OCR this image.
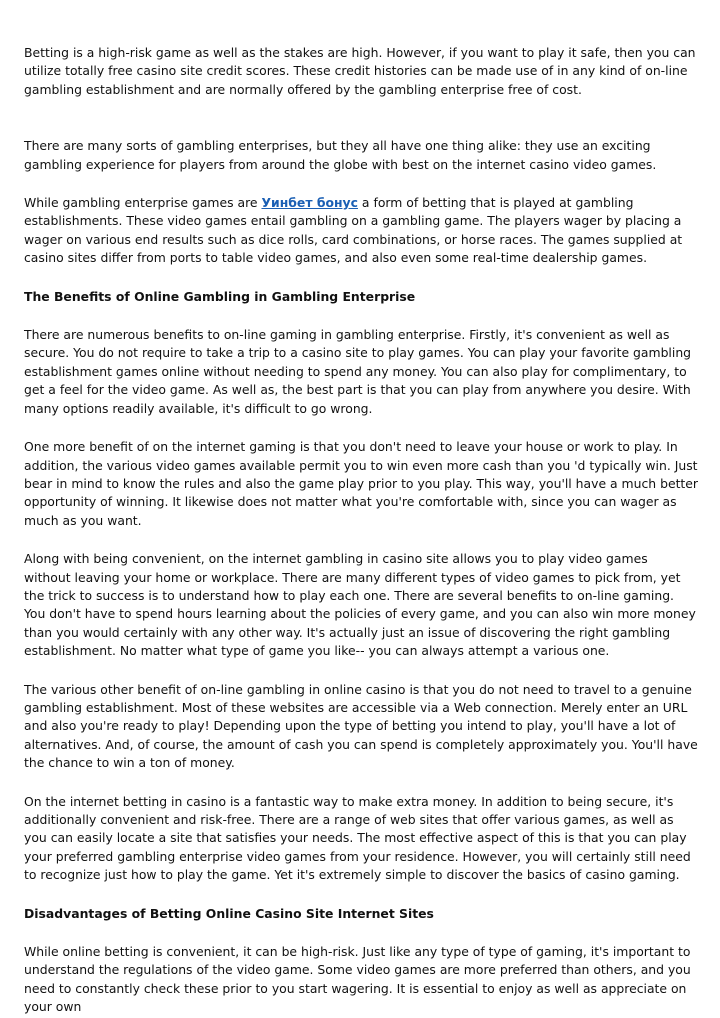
Betting is a high-risk game as well as the stakes are high. However, if you want to play it safe, then you can utilize totally free casino site credit scores. These credit histories can be made use of in any kind of on-line gambling establishment and are normally offered by the gambling enterprise free of cost.

There are many sorts of gambling enterprises, but they all have one thing alike: they use an exciting gambling experience for players from around the globe with best on the internet casino video games.

While gambling enterprise games are Уинбет бонус a form of betting that is played at gambling establishments. These video games entail gambling on a gambling game. The players wager by placing a wager on various end results such as dice rolls, card combinations, or horse races. The games supplied at casino sites differ from ports to table video games, and also even some real-time dealership games.

The Benefits of Online Gambling in Gambling Enterprise

There are numerous benefits to on-line gaming in gambling enterprise. Firstly, it's convenient as well as secure. You do not require to take a trip to a casino site to play games. You can play your favorite gambling establishment games online without needing to spend any money. You can also play for complimentary, to get a feel for the video game. As well as, the best part is that you can play from anywhere you desire. With many options readily available, it's difficult to go wrong.

One more benefit of on the internet gaming is that you don't need to leave your house or work to play. In addition, the various video games available permit you to win even more cash than you 'd typically win. Just bear in mind to know the rules and also the game play prior to you play. This way, you'll have a much better opportunity of winning. It likewise does not matter what you're comfortable with, since you can wager as much as you want.

Along with being convenient, on the internet gambling in casino site allows you to play video games without leaving your home or workplace. There are many different types of video games to pick from, yet the trick to success is to understand how to play each one. There are several benefits to on-line gaming. You don't have to spend hours learning about the policies of every game, and you can also win more money than you would certainly with any other way. It's actually just an issue of discovering the right gambling establishment. No matter what type of game you like-- you can always attempt a various one.

The various other benefit of on-line gambling in online casino is that you do not need to travel to a genuine gambling establishment. Most of these websites are accessible via a Web connection. Merely enter an URL and also you're ready to play! Depending upon the type of betting you intend to play, you'll have a lot of alternatives. And, of course, the amount of cash you can spend is completely approximately you. You'll have the chance to win a ton of money.

On the internet betting in casino is a fantastic way to make extra money. In addition to being secure, it's additionally convenient and risk-free. There are a range of web sites that offer various games, as well as you can easily locate a site that satisfies your needs. The most effective aspect of this is that you can play your preferred gambling enterprise video games from your residence. However, you will certainly still need to recognize just how to play the game. Yet it's extremely simple to discover the basics of casino gaming.

Disadvantages of Betting Online Casino Site Internet Sites

While online betting is convenient, it can be high-risk. Just like any type of type of gaming, it's important to understand the regulations of the video game. Some video games are more preferred than others, and you need to constantly check these prior to you start wagering. It is essential to enjoy as well as appreciate on your own
